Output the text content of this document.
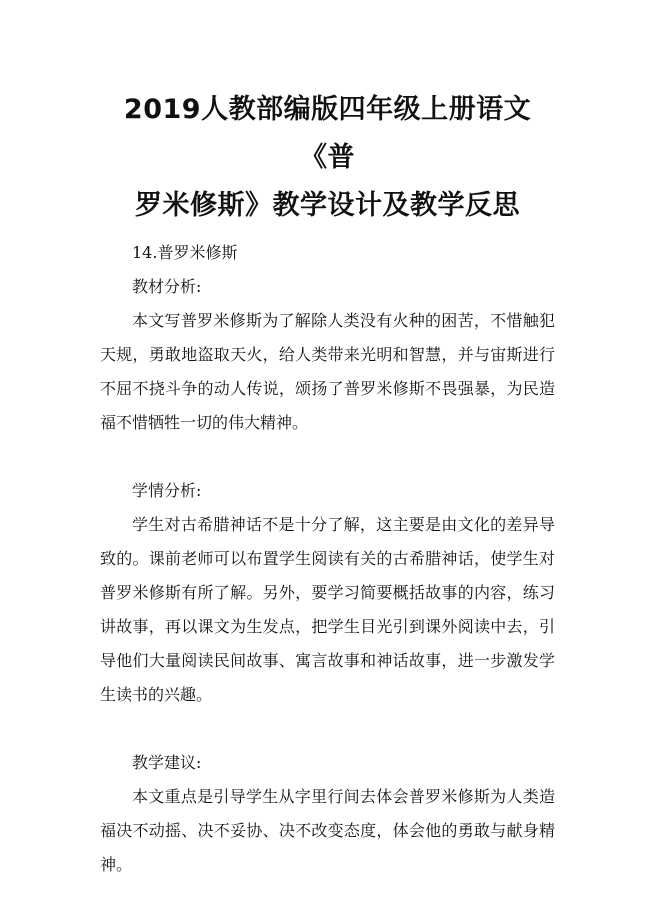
2019人教部编版四年级上册语文《普
罗米修斯》教学设计及教学反思

14.普罗米修斯

教材分析:

本文写普罗米修斯为了解除人类没有火种的困苦，不惜触犯天规，勇敢地盗取天火，给人类带来光明和智慧，并与宙斯进行不屈不挠斗争的动人传说，颂扬了普罗米修斯不畏强暴，为民造福不惜牺牲一切的伟大精神。

学情分析:

学生对古希腊神话不是十分了解，这主要是由文化的差异导致的。课前老师可以布置学生阅读有关的古希腊神话，使学生对普罗米修斯有所了解。另外，要学习简要概括故事的内容，练习讲故事，再以课文为生发点，把学生目光引到课外阅读中去，引导他们大量阅读民间故事、寓言故事和神话故事，进一步激发学生读书的兴趣。

教学建议:

本文重点是引导学生从字里行间去体会普罗米修斯为人类造福决不动摇、决不妥协、决不改变态度，体会他的勇敢与献身精神。
